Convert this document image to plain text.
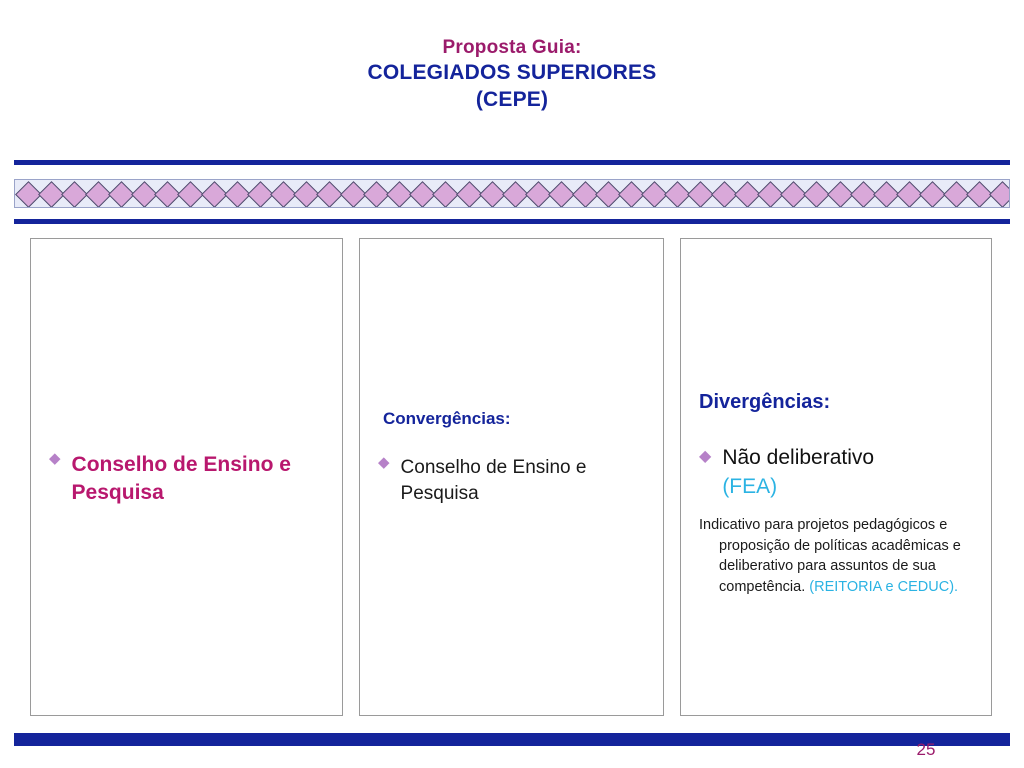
Proposta Guia:
COLEGIADOS SUPERIORES
(CEPE)
◆ Conselho de Ensino e Pesquisa
Convergências:
◆ Conselho de Ensino e Pesquisa
Divergências:
◆ Não deliberativo
(FEA)

Indicativo para projetos pedagógicos e proposição de políticas acadêmicas e deliberativo para assuntos de sua competência. (REITORIA e CEDUC).

25
